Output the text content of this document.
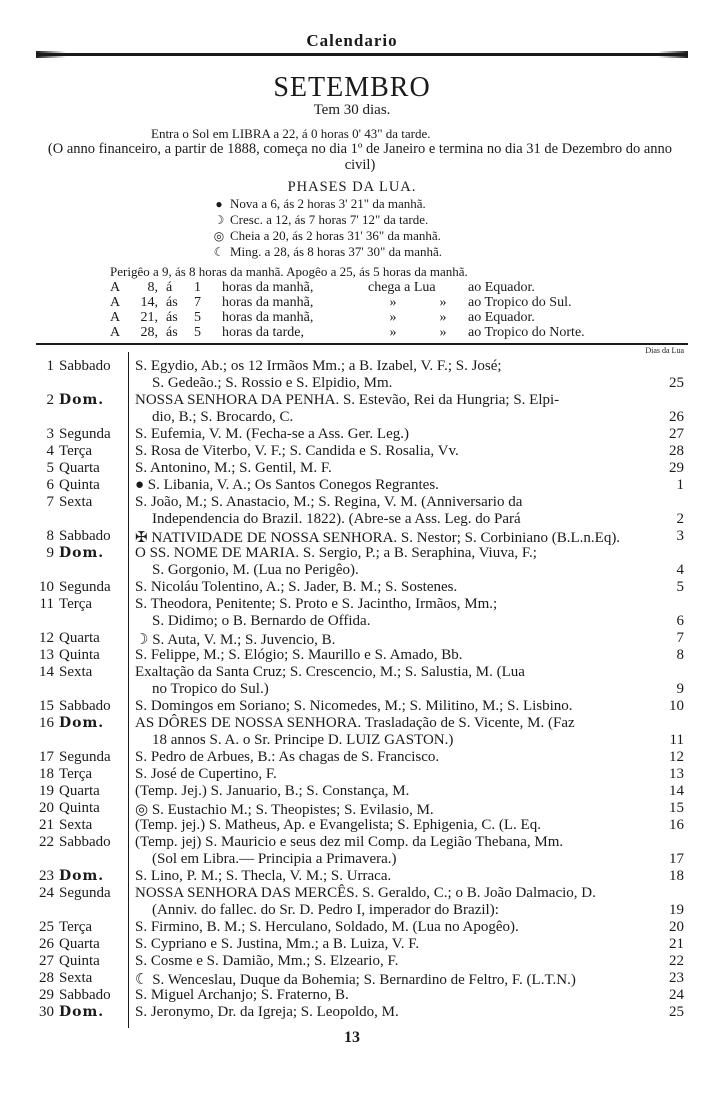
Calendario
SETEMBRO
Tem 30 dias.
Entra o Sol em LIBRA a 22, á 0 horas 0' 43" da tarde.
(O anno financeiro, a partir de 1888, começa no dia 1º de Janeiro e termina no dia 31 de Dezembro do anno civil)
PHASES DA LUA.
● Nova a 6, ás 2 horas 3' 21" da manhã.
☽ Cresc. a 12, ás 7 horas 7' 12" da tarde.
◎ Cheia a 20, ás 2 horas 31' 36" da manhã.
☾ Ming. a 28, ás 8 horas 37' 30" da manhã.
Perigêo a 9, ás 8 horas da manhã. Apogêo a 25, ás 5 horas da manhã.
A 8, á 1 horas da manhã,	chega a Lua ao Equador.
A 14, ás 7 horas da manhã,	»	» ao Tropico do Sul.
A 21, ás 5 horas da manhã,	»	» ao Equador.
A 28, ás 5 horas da tarde,	»	» ao Tropico do Norte.
Dias da Lua
1 Sabbado S. Egydio, Ab.; os 12 Irmãos Mm.; a B. Izabel, V. F.; S. José;
S. Gedeão.; S. Rossio e S. Elpidio, Mm.	25
2 Dom. NOSSA SENHORA DA PENHA. S. Estevão, Rei da Hungria; S. Elpi-
dio, B.; S. Brocardo, C.	26
3 Segunda S. Eufemia, V. M. (Fecha-se a Ass. Ger. Leg.)	27
4 Terça	S. Rosa de Viterbo, V. F.; S. Candida e S. Rosalia, Vv.	28
5 Quarta S. Antonino, M.; S. Gentil, M. F.	29
6 Quinta ● S. Libania, V. A.; Os Santos Conegos Regrantes.	1
7 Sexta	S. João, M.; S. Anastacio, M.; S. Regina, V. M. (Anniversario da
Independencia do Brazil. 1822). (Abre-se a Ass. Leg. do Pará	2
8 Sabbado ✠ NATIVIDADE DE NOSSA SENHORA. S. Nestor; S. Corbiniano (B.L.n.Eq).	3
9 Dom. O SS. NOME DE MARIA. S. Sergio, P.; a B. Seraphina, Viuva, F.;
S. Gorgonio, M. (Lua no Perigêo).	4
10 Segunda S. Nicoláu Tolentino, A.; S. Jader, B. M.; S. Sostenes.	5
11 Terça	S. Theodora, Penitente; S. Proto e S. Jacintho, Irmãos, Mm.;
S. Didimo; o B. Bernardo de Offida.	6
12 Quarta ☽ S. Auta, V. M.; S. Juvencio, B.	7
13 Quinta S. Felippe, M.; S. Elógio; S. Maurillo e S. Amado, Bb.	8
14 Sexta	Exaltação da Santa Cruz; S. Crescencio, M.; S. Salustia, M. (Lua
no Tropico do Sul.)	9
15 Sabbado S. Domingos em Soriano; S. Nicomedes, M.; S. Militino, M.; S. Lisbino.	10
16 Dom. AS DÔRES DE NOSSA SENHORA. Trasladação de S. Vicente, M. (Faz
18 annos S. A. o Sr. Principe D. LUIZ GASTON.)	11
17 Segunda S. Pedro de Arbues, B.: As chagas de S. Francisco.	12
18 Terça	S. José de Cupertino, F.	13
19 Quarta (Temp. Jej.) S. Januario, B.; S. Constança, M.	14
20 Quinta ◎ S. Eustachio M.; S. Theopistes; S. Evilasio, M.	15
21 Sexta	(Temp. jej.) S. Matheus, Ap. e Evangelista; S. Ephigenia, C. (L. Eq.	16
22 Sabbado (Temp. jej) S. Mauricio e seus dez mil Comp. da Legião Thebana, Mm.
(Sol em Libra.— Principia a Primavera.)	17
23 Dom. S. Lino, P. M.; S. Thecla, V. M.; S. Urraca.	18
24 Segunda NOSSA SENHORA DAS MERCÊS. S. Geraldo, C.; o B. João Dalmacio, D.
(Anniv. do fallec. do Sr. D. Pedro I, imperador do Brazil):	19
25 Terça	S. Firmino, B. M.; S. Herculano, Soldado, M. (Lua no Apogêo).	20
26 Quarta S. Cypriano e S. Justina, Mm.; a B. Luiza, V. F.	21
27 Quinta S. Cosme e S. Damião, Mm.; S. Elzeario, F.	22
28 Sexta	☾ S. Wenceslau, Duque da Bohemia; S. Bernardino de Feltro, F. (L.T.N.)	23
29 Sabbado S. Miguel Archanjo; S. Fraterno, B.	24
30 Dom. S. Jeronymo, Dr. da Igreja; S. Leopoldo, M.	25
13
